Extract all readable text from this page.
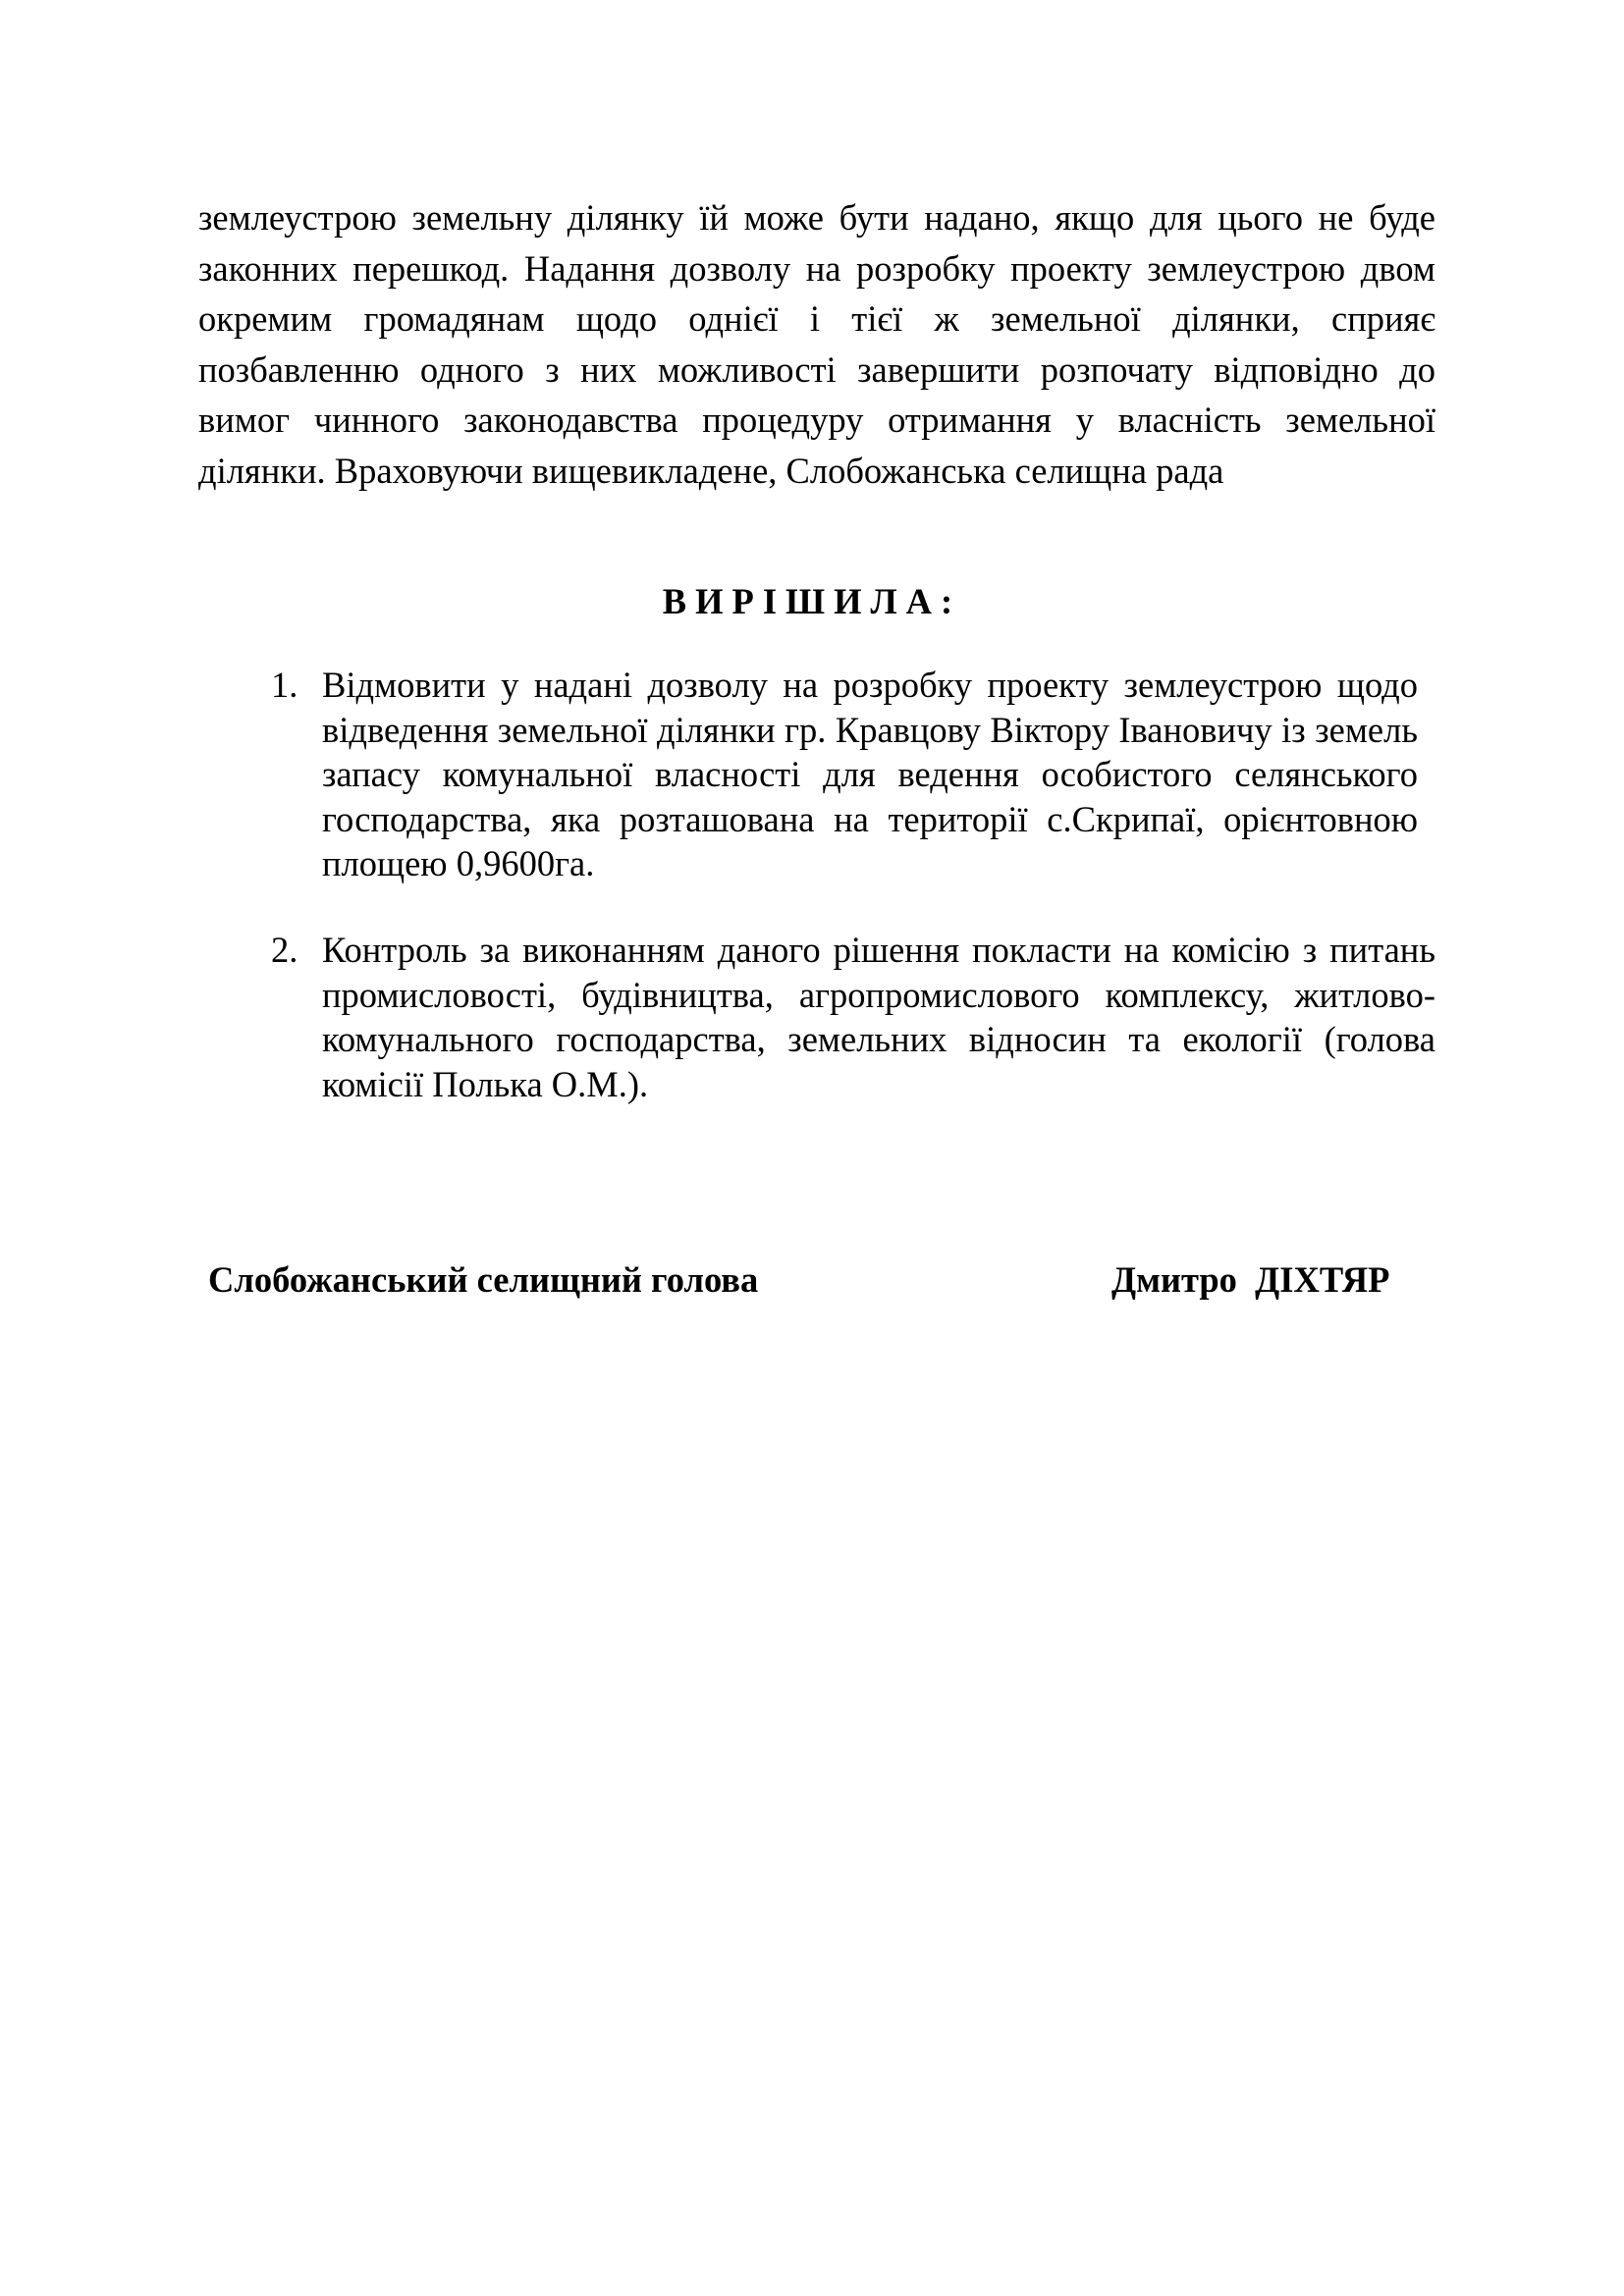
землеустрою земельну ділянку їй може бути надано, якщо для цього не буде законних перешкод. Надання дозволу на розробку проекту землеустрою двом окремим громадянам щодо однієї і тієї ж земельної ділянки, сприяє позбавленню одного з них можливості завершити розпочату відповідно до вимог чинного законодавства процедуру отримання у власність земельної ділянки. Враховуючи вищевикладене, Слобожанська селищна рада

ВИРІШИЛА:

1. Відмовити у надані дозволу на розробку проекту землеустрою щодо відведення земельної ділянки гр. Кравцову Віктору Івановичу із земель запасу комунальної власності для ведення особистого селянського господарства, яка розташована на території с.Скрипаї, орієнтовною площею 0,9600га.

2. Контроль за виконанням даного рішення покласти на комісію з питань промисловості, будівництва, агропромислового комплексу, житлово-комунального господарства, земельних відносин та екології (голова комісії Полька О.М.).

Слобожанський селищний голова	Дмитро  ДІХТЯР
